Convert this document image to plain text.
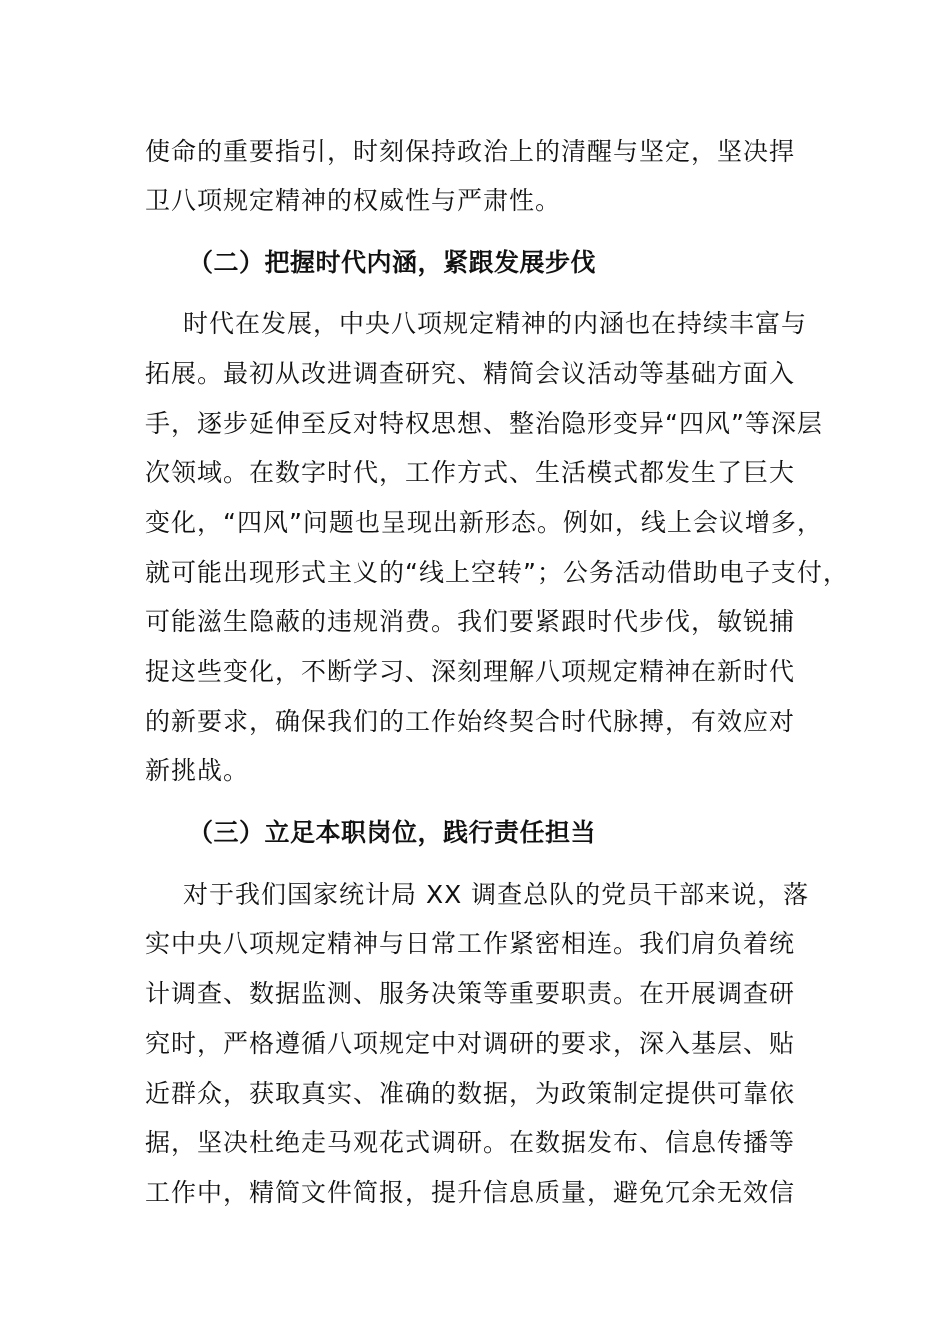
使命的重要指引，时刻保持政治上的清醒与坚定，坚决捍
卫八项规定精神的权威性与严肃性。
（二）把握时代内涵，紧跟发展步伐
时代在发展，中央八项规定精神的内涵也在持续丰富与
拓展。最初从改进调查研究、精简会议活动等基础方面入
手，逐步延伸至反对特权思想、整治隐形变异“四风”等深层
次领域。在数字时代，工作方式、生活模式都发生了巨大
变化，“四风”问题也呈现出新形态。例如，线上会议增多，
就可能出现形式主义的“线上空转”；公务活动借助电子支付，
可能滋生隐蔽的违规消费。我们要紧跟时代步伐，敏锐捕
捉这些变化，不断学习、深刻理解八项规定精神在新时代
的新要求，确保我们的工作始终契合时代脉搏，有效应对
新挑战。
（三）立足本职岗位，践行责任担当
对于我们国家统计局 XX 调查总队的党员干部来说，落
实中央八项规定精神与日常工作紧密相连。我们肩负着统
计调查、数据监测、服务决策等重要职责。在开展调查研
究时，严格遵循八项规定中对调研的要求，深入基层、贴
近群众，获取真实、准确的数据，为政策制定提供可靠依
据，坚决杜绝走马观花式调研。在数据发布、信息传播等
工作中，精简文件简报，提升信息质量，避免冗余无效信
